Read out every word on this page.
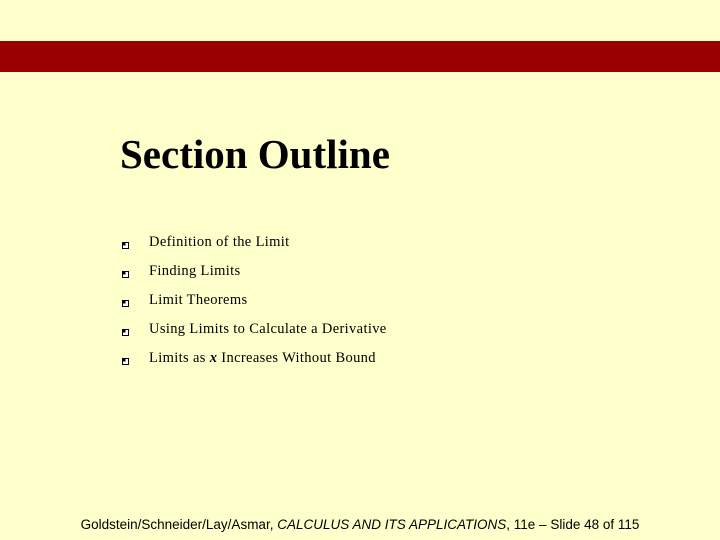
Section Outline
Definition of the Limit
Finding Limits
Limit Theorems
Using Limits to Calculate a Derivative
Limits as x Increases Without Bound
Goldstein/Schneider/Lay/Asmar, CALCULUS AND ITS APPLICATIONS, 11e – Slide 48 of 115
